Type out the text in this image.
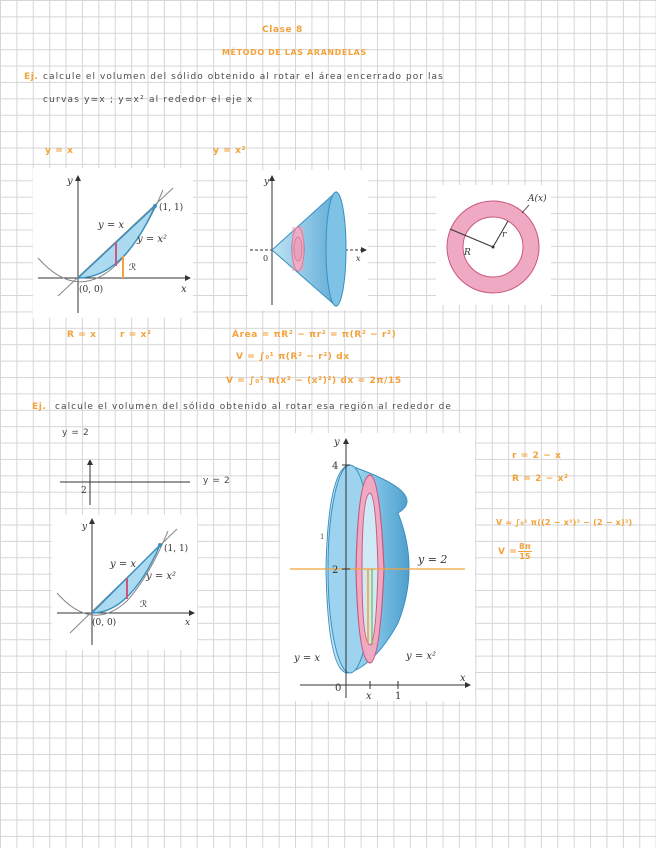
Clase 8
MÉTODO DE LAS ARANDELAS
Ej. calcule el volumen del sólido obtenido al rotar el área encerrado por las
curvas y=x ; y=x² al rededor el eje x
y = x	y = x²
y
x
y = x
y = x²
(1, 1)
(0, 0)
ℛ
y
0	x
A(x)
r
R
R = x	r = x²	Área = πR² − πr² = π(R² − r²)
V = ∫₀¹ π(R² − r²) dx
V = ∫₀¹ π(x² − (x²)²) dx = 2π/15
Ej. calcule el volumen del sólido obtenido al rotar esa región al rededor de
y = 2
2
y = 2
y
x
y = x
y = x²
(1, 1)
(0, 0)
ℛ
y
x
4
2
0
x 1
y = 2
y = x	y = x²
1
r = 2 − x
R = 2 − x²
V = ∫₀¹ π((2 − x²)² − (2 − x)²)
$V = \frac{8\pi}{15}$
